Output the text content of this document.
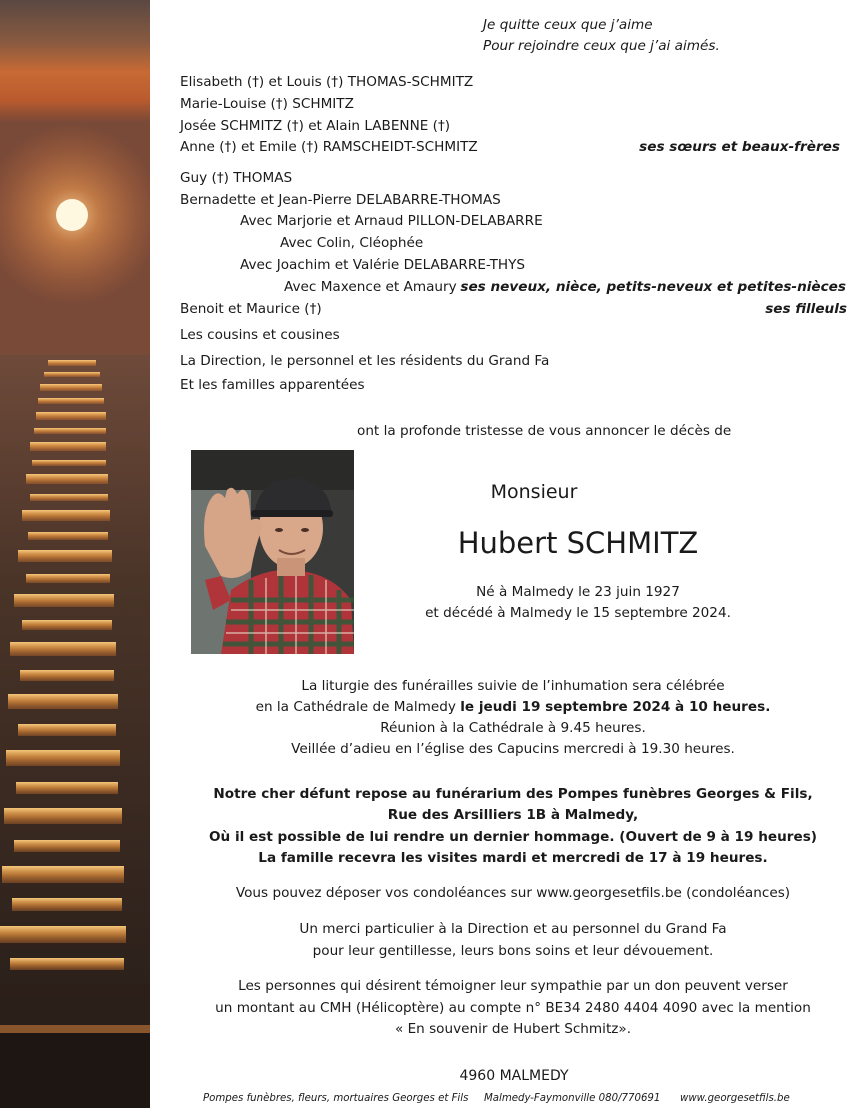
Je quitte ceux que j’aime
Pour rejoindre ceux que j’ai aimés.
Elisabeth (†) et Louis (†) THOMAS-SCHMITZ
Marie-Louise (†) SCHMITZ
Josée SCHMITZ (†) et Alain LABENNE (†)
Anne (†) et Emile (†) RAMSCHEIDT-SCHMITZ	ses sœurs et beaux-frères
Guy (†) THOMAS
Bernadette et Jean-Pierre DELABARRE-THOMAS
Avec Marjorie et Arnaud PILLON-DELABARRE
Avec Colin, Cléophée
Avec Joachim et Valérie DELABARRE-THYS
Avec Maxence et Amaury ses neveux, nièce, petits-neveux et petites-nièces
Benoit et Maurice (†)	ses filleuls
Les cousins et cousines
La Direction, le personnel et les résidents du Grand Fa
Et les familles apparentées
ont la profonde tristesse de vous annoncer le décès de
Monsieur
Hubert SCHMITZ
Né à Malmedy le 23 juin 1927
et décédé à Malmedy le 15 septembre 2024.
La liturgie des funérailles suivie de l’inhumation sera célébrée
en la Cathédrale de Malmedy le jeudi 19 septembre 2024 à 10 heures.
Réunion à la Cathédrale à 9.45 heures.
Veillée d’adieu en l’église des Capucins mercredi à 19.30 heures.
Notre cher défunt repose au funérarium des Pompes funèbres Georges & Fils,
Rue des Arsilliers 1B à Malmedy,
Où il est possible de lui rendre un dernier hommage. (Ouvert de 9 à 19 heures)
La famille recevra les visites mardi et mercredi de 17 à 19 heures.
Vous pouvez déposer vos condoléances sur www.georgesetfils.be (condoléances)
Un merci particulier à la Direction et au personnel du Grand Fa
pour leur gentillesse, leurs bons soins et leur dévouement.
Les personnes qui désirent témoigner leur sympathie par un don peuvent verser
un montant au CMH (Hélicoptère) au compte n° BE34 2480 4404 4090 avec la mention
« En souvenir de Hubert Schmitz».
4960 MALMEDY
Pompes funèbres, fleurs, mortuaires Georges et Fils Malmedy-Faymonville 080/770691 www.georgesetfils.be
